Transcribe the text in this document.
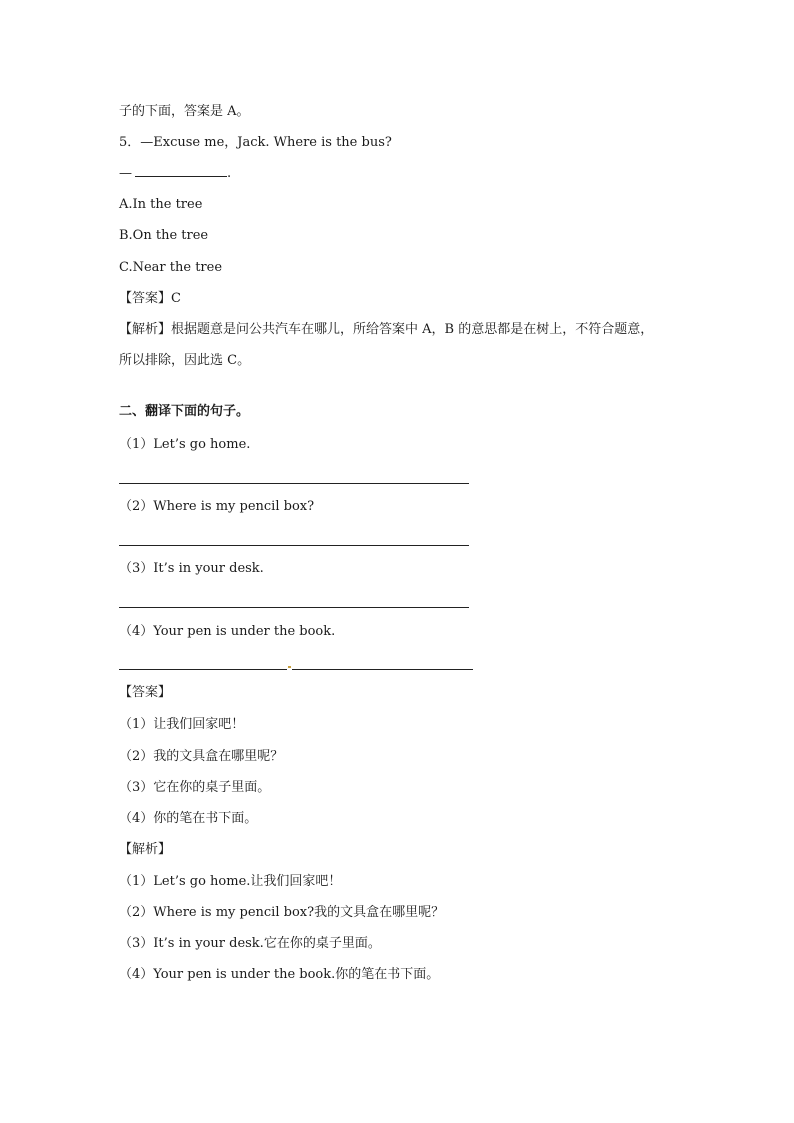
子的下面，答案是 A。
5．—Excuse me，Jack. Where is the bus?
—	.
A.In the tree
B.On the tree
C.Near the tree
【答案】C
【解析】根据题意是问公共汽车在哪儿，所给答案中 A，B 的意思都是在树上，不符合题意，
所以排除，因此选 C。
二、翻译下面的句子。
（1）Let’s go home.
（2）Where is my pencil box?
（3）It’s in your desk.
（4）Your pen is under the book.
【答案】
（1）让我们回家吧！
（2）我的文具盒在哪里呢？
（3）它在你的桌子里面。
（4）你的笔在书下面。
【解析】
（1）Let’s go home.让我们回家吧！
（2）Where is my pencil box?我的文具盒在哪里呢？
（3）It’s in your desk.它在你的桌子里面。
（4）Your pen is under the book.你的笔在书下面。
